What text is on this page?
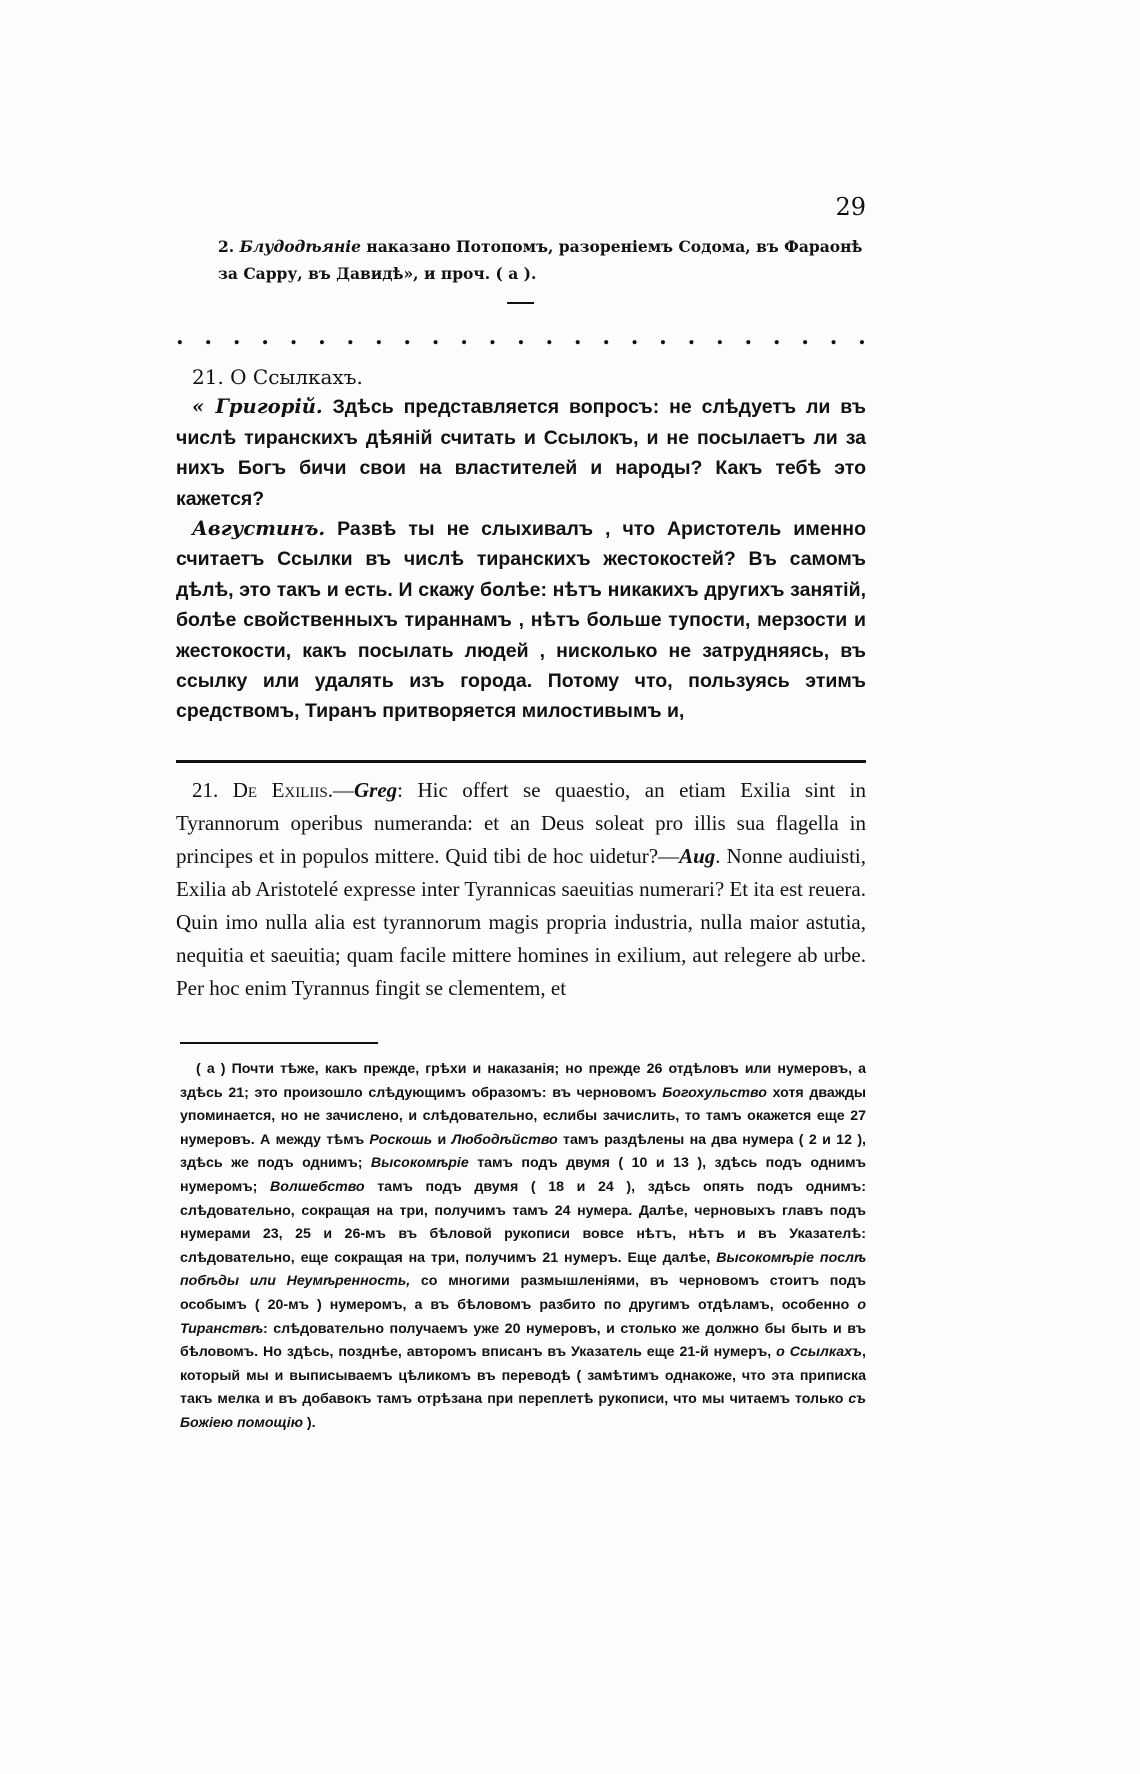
29
2. Блудодѣяніе наказано Потопомъ, разореніемъ Содома, въ Фараонѣ за Сарру, въ Давидѣ», и проч. ( а ).
. . . . . . . . . . . . . . . . . . . . . . . . .
21. О Ссылкахъ.

« Григорій. Здѣсь представляется вопросъ: не слѣдуетъ ли въ числѣ тиранскихъ дѣяній считать и Ссылокъ, и не посылаетъ ли за нихъ Богъ бичи свои на властителей и народы? Какъ тебѣ это кажется?

Августинъ. Развѣ ты не слыхивалъ , что Аристотель именно считаетъ Ссылки въ числѣ тиранскихъ жестокостей? Въ самомъ дѣлѣ, это такъ и есть. И скажу болѣе: нѣтъ никакихъ другихъ занятій, болѣе свойственныхъ тираннамъ , нѣтъ больше тупости, мерзости и жестокости, какъ посылать людей , нисколько не затрудняясь, въ ссылку или удалять изъ города. Потому что, пользуясь этимъ средствомъ, Тиранъ притворяется милостивымъ и,

21. De Exiliis.—Greg: Hic offert se quaestio, an etiam Exilia sint in Tyrannorum operibus numeranda: et an Deus soleat pro illis sua flagella in principes et in populos mittere. Quid tibi de hoc uidetur?—Aug. Nonne audiuisti, Exilia ab Aristotelé expresse inter Tyrannicas saeuitias numerari? Et ita est reuera. Quin imo nulla alia est tyrannorum magis propria industria, nulla maior astutia, nequitia et saeuitia; quam facile mittere homines in exilium, aut relegere ab urbe. Per hoc enim Tyrannus fingit se clementem, et

( а ) Почти тѣже, какъ прежде, грѣхи и наказанія; но прежде 26 отдѣловъ или нумеровъ, а здѣсь 21; это произошло слѣдующимъ образомъ: въ черновомъ Богохульство хотя дважды упоминается, но не зачислено, и слѣдовательно, еслибы зачислить, то тамъ окажется еще 27 нумеровъ. А между тѣмъ Роскошь и Любодѣйство тамъ раздѣлены на два нумера ( 2 и 12 ), здѣсь же подъ однимъ; Высокомѣріе тамъ подъ двумя ( 10 и 13 ), здѣсь подъ однимъ нумеромъ; Волшебство тамъ подъ двумя ( 18 и 24 ), здѣсь опять подъ однимъ: слѣдовательно, сокращая на три, получимъ тамъ 24 нумера. Далѣе, черновыхъ главъ подъ нумерами 23, 25 и 26-мъ въ бѣловой рукописи вовсе нѣтъ, нѣтъ и въ Указателѣ: слѣдовательно, еще сокращая на три, получимъ 21 нумеръ. Еще далѣе, Высокомѣріе послѣ побѣды или Неумѣренность, со многими размышленіями, въ черновомъ стоитъ подъ особымъ ( 20-мъ ) нумеромъ, а въ бѣловомъ разбито по другимъ отдѣламъ, особенно о Тиранствѣ: слѣдовательно получаемъ уже 20 нумеровъ, и столько же должно бы быть и въ бѣловомъ. Но здѣсь, позднѣе, авторомъ вписанъ въ Указатель еще 21-й нумеръ, о Ссылкахъ, который мы и выписываемъ цѣликомъ въ переводѣ ( замѣтимъ однакоже, что эта приписка такъ мелка и въ добавокъ тамъ отрѣзана при переплетѣ рукописи, что мы читаемъ только съ Божіею помощію ).
